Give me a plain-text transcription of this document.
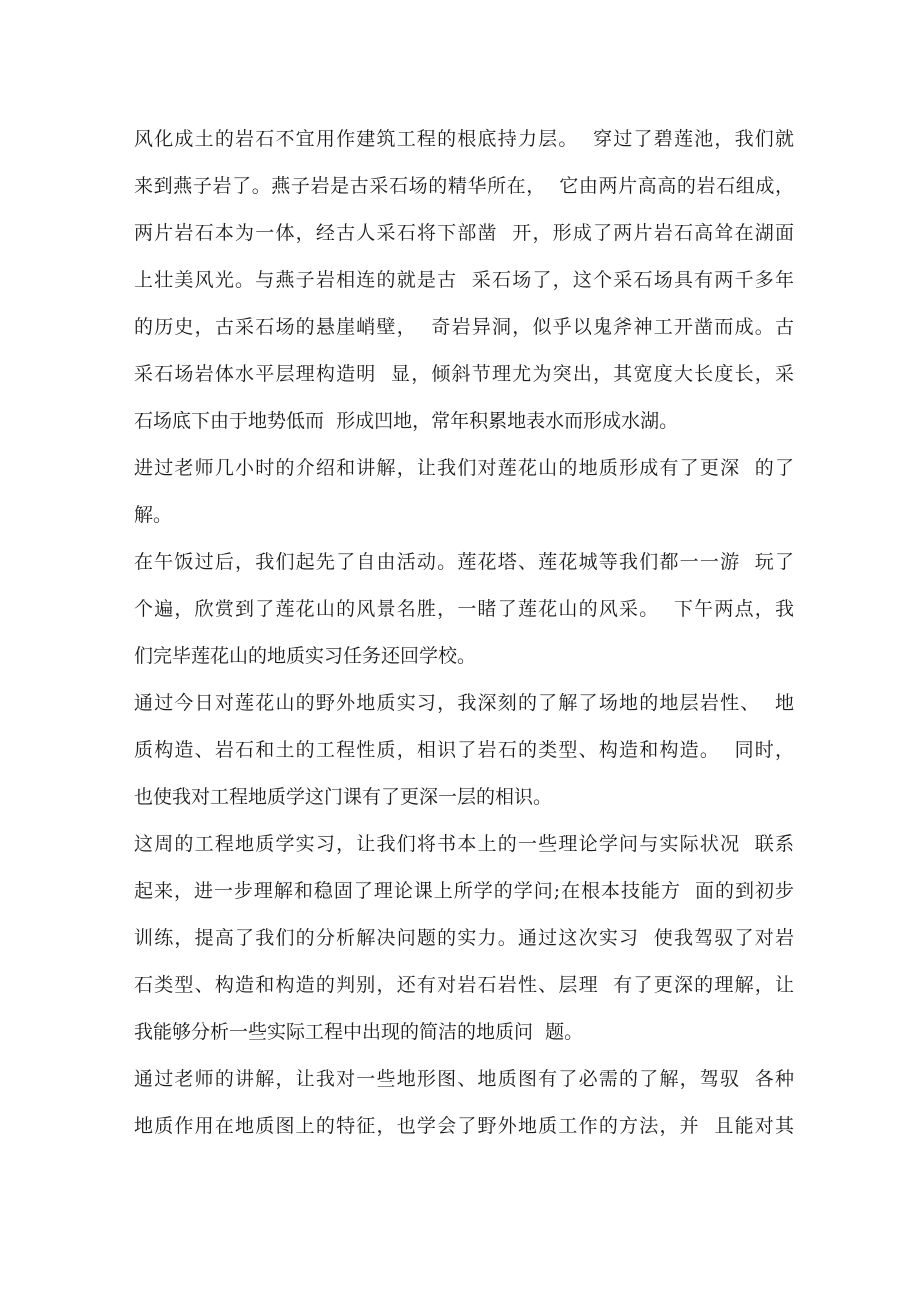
风化成土的岩石不宜用作建筑工程的根底持力层。  穿过了碧莲池，我们就
来到燕子岩了。燕子岩是古采石场的精华所在，  它由两片高高的岩石组成，
两片岩石本为一体，经古人采石将下部凿  开，形成了两片岩石高耸在湖面
上壮美风光。与燕子岩相连的就是古  采石场了，这个采石场具有两千多年
的历史，古采石场的悬崖峭壁，  奇岩异洞，似乎以鬼斧神工开凿而成。古
采石场岩体水平层理构造明  显，倾斜节理尤为突出，其宽度大长度长，采
石场底下由于地势低而  形成凹地，常年积累地表水而形成水湖。
进过老师几小时的介绍和讲解，让我们对莲花山的地质形成有了更深  的了
解。
在午饭过后，我们起先了自由活动。莲花塔、莲花城等我们都一一游  玩了
个遍，欣赏到了莲花山的风景名胜，一睹了莲花山的风采。  下午两点，我
们完毕莲花山的地质实习任务还回学校。
通过今日对莲花山的野外地质实习，我深刻的了解了场地的地层岩性、  地
质构造、岩石和土的工程性质，相识了岩石的类型、构造和构造。  同时，
也使我对工程地质学这门课有了更深一层的相识。
这周的工程地质学实习，让我们将书本上的一些理论学问与实际状况  联系
起来，进一步理解和稳固了理论课上所学的学问;在根本技能方  面的到初步
训练，提高了我们的分析解决问题的实力。通过这次实习  使我驾驭了对岩
石类型、构造和构造的判别，还有对岩石岩性、层理  有了更深的理解，让
我能够分析一些实际工程中出现的简洁的地质问  题。
通过老师的讲解，让我对一些地形图、地质图有了必需的了解，驾驭  各种
地质作用在地质图上的特征，也学会了野外地质工作的方法，并  且能对其
